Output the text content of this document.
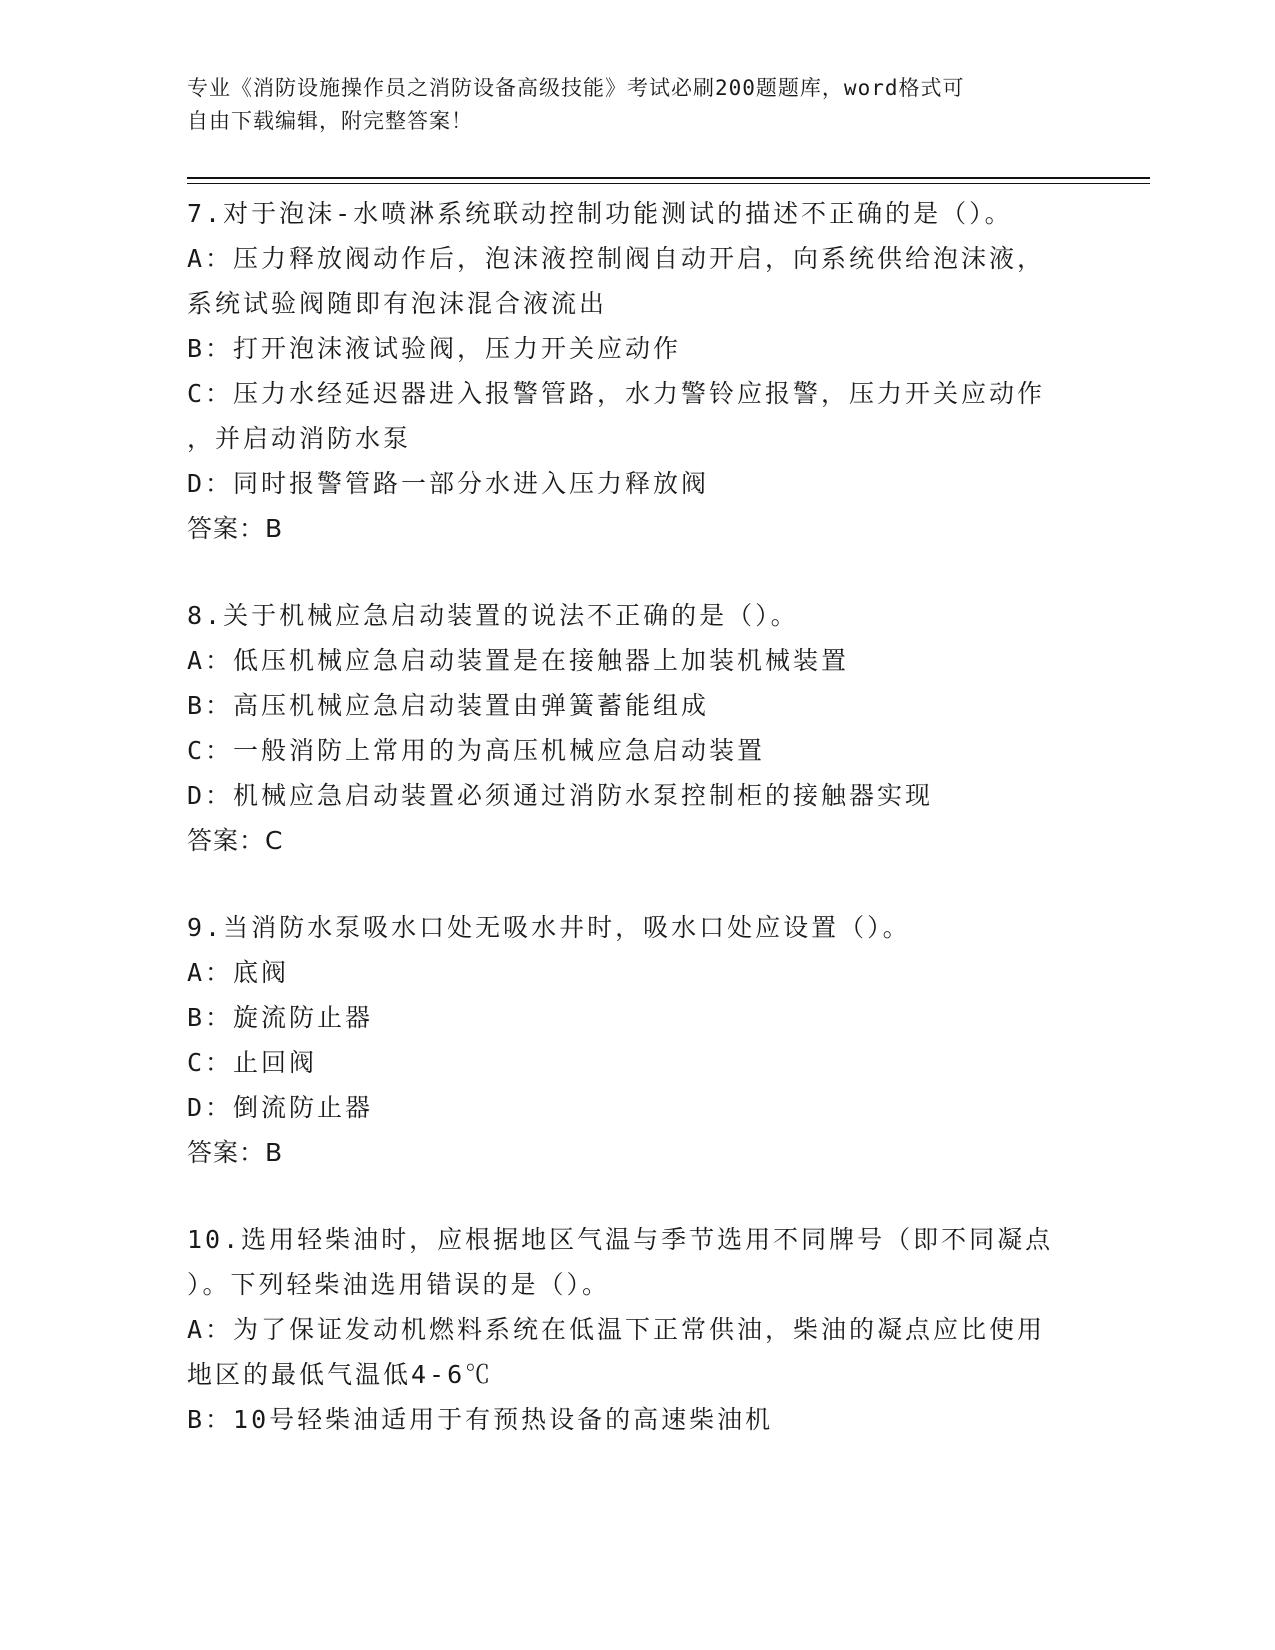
专业《消防设施操作员之消防设备高级技能》考试必刷200题题库，word格式可
自由下载编辑，附完整答案！
7.对于泡沫-水喷淋系统联动控制功能测试的描述不正确的是（）。
A：压力释放阀动作后，泡沫液控制阀自动开启，向系统供给泡沫液，
系统试验阀随即有泡沫混合液流出
B：打开泡沫液试验阀，压力开关应动作
C：压力水经延迟器进入报警管路，水力警铃应报警，压力开关应动作
，并启动消防水泵
D：同时报警管路一部分水进入压力释放阀
答案：B
8.关于机械应急启动装置的说法不正确的是（）。
A：低压机械应急启动装置是在接触器上加装机械装置
B：高压机械应急启动装置由弹簧蓄能组成
C：一般消防上常用的为高压机械应急启动装置
D：机械应急启动装置必须通过消防水泵控制柜的接触器实现
答案：C
9.当消防水泵吸水口处无吸水井时，吸水口处应设置（）。
A：底阀
B：旋流防止器
C：止回阀
D：倒流防止器
答案：B
10.选用轻柴油时，应根据地区气温与季节选用不同牌号（即不同凝点
）。下列轻柴油选用错误的是（）。
A：为了保证发动机燃料系统在低温下正常供油，柴油的凝点应比使用
地区的最低气温低4-6℃
B：10号轻柴油适用于有预热设备的高速柴油机
